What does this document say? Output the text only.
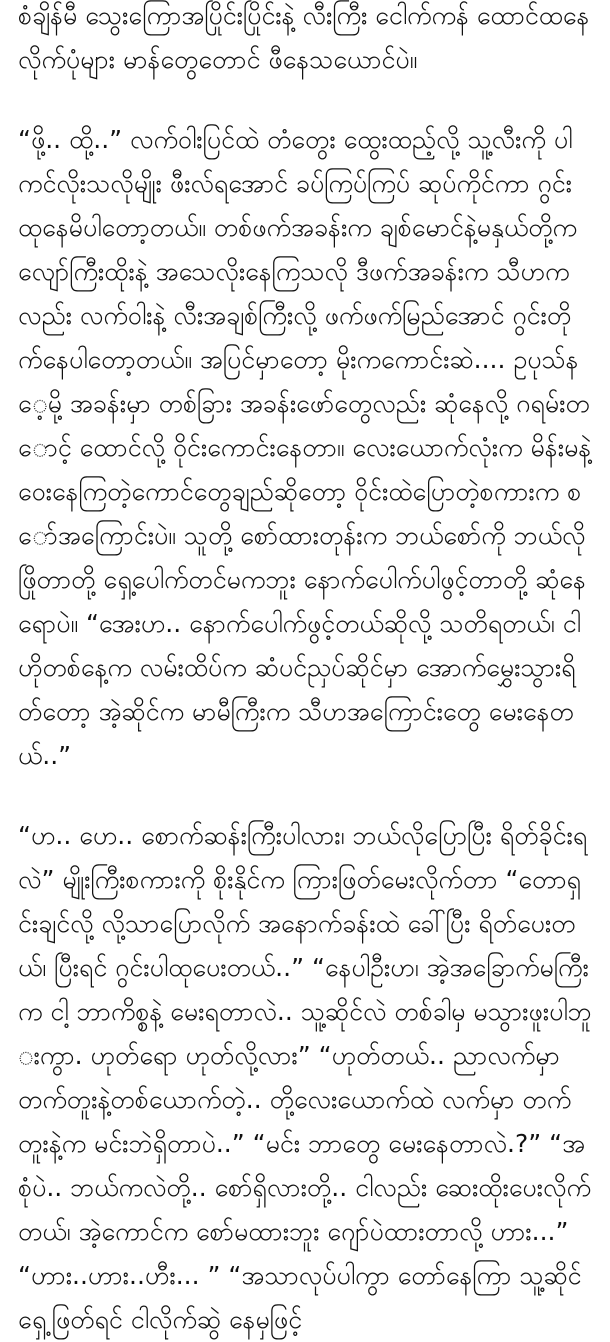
စံချိန်မီ သွေးကြောအပြိုင်းပြိုင်းနဲ့ လီးကြီး ငေါက်ကန် ထောင်ထနေလိုက်ပုံများ မာန်တွေတောင် ဖီနေသယောင်ပဲ။

“ဖို့.. ထို့..” လက်ဝါးပြင်ထဲ တံတွေး ထွေးထည့်လို့ သူ့လီးကို ပါကင်လိုးသလိုမျိုး ဖီးလ်ရအောင် ခပ်ကြပ်ကြပ် ဆုပ်ကိုင်ကာ ဂွင်းထုနေမိပါတော့တယ်။ တစ်ဖက်အခန်းက ချစ်မောင်နဲ့မနှယ်တို့က လျော်ကြီးထိုးနဲ့ အသေလိုးနေကြသလို ဒီဖက်အခန်းက သီဟကလည်း လက်ဝါးနဲ့ လီးအချစ်ကြီးလို့ ဖက်ဖက်မြည်အောင် ဂွင်းတိုက်နေပါတော့တယ်။ အပြင်မှာတော့ မိုးကကောင်းဆဲ.... ဥပုသ်နေ့မို့ အခန်းမှာ တစ်ခြား အခန်းဖော်တွေလည်း ဆုံနေလို့ ဂရမ်းတောင့် ထောင်လို့ ဝိုင်းကောင်းနေတာ။ လေးယောက်လုံးက မိန်းမနဲ့ ဝေးနေကြတဲ့ကောင်တွေချည်ဆိုတော့ ဝိုင်းထဲပြောတဲ့စကားက စော်အကြောင်းပဲ။ သူတို့ စော်ထားတုန်းက ဘယ်စော်ကို ဘယ်လိုဖြိုတာတို့ ရှေ့ပေါက်တင်မကဘူး နောက်ပေါက်ပါဖွင့်တာတို့ ဆုံနေရောပဲ။ “အေးဟ.. နောက်ပေါက်ဖွင့်တယ်ဆိုလို့ သတိရတယ်၊ ငါ ဟိုတစ်နေ့က လမ်းထိပ်က ဆံပင်ညှပ်ဆိုင်မှာ အောက်မွှေးသွားရိတ်တော့ အဲ့ဆိုင်က မာမီကြီးက သီဟအကြောင်းတွေ မေးနေတယ်..”

“ဟ.. ဟေ.. စောက်ဆန်းကြီးပါလား၊ ဘယ်လိုပြောပြီး ရိတ်ခိုင်းရလဲ” မျိုးကြီးစကားကို စိုးနိုင်က ကြားဖြတ်မေးလိုက်တာ “တောရှင်းချင်လို့ လို့သာပြောလိုက် အနောက်ခန်းထဲ ခေါ်ပြီး ရိတ်ပေးတယ်၊ ပြီးရင် ဂွင်းပါထုပေးတယ်..” “နေပါဦးဟ၊ အဲ့အခြောက်မကြီးက ငါ့ ဘာကိစ္စနဲ့ မေးရတာလဲ.. သူ့ဆိုင်လဲ တစ်ခါမှ မသွားဖူးပါဘူးကွာ. ဟုတ်ရော ဟုတ်လို့လား” “ဟုတ်တယ်.. ညာလက်မှာ တက်တူးနဲ့တစ်ယောက်တဲ့.. တို့လေးယောက်ထဲ လက်မှာ တက်တူးနဲ့က မင်းဘဲရှိတာပဲ..” “မင်း ဘာတွေ မေးနေတာလဲ.?” “အစုံပဲ.. ဘယ်ကလဲတို့.. စော်ရှိလားတို့.. ငါလည်း ဆေးထိုးပေးလိုက်တယ်၊ အဲ့ကောင်က စော်မထားဘူး ဂျော်ပဲထားတာလို့ ဟား...” “ဟား..ဟား..ဟီး... ” “အသာလုပ်ပါကွာ တော်နေကြာ သူ့ဆိုင်ရှေ့ဖြတ်ရင် ငါလိုက်ဆွဲ နေမှဖြင့်
